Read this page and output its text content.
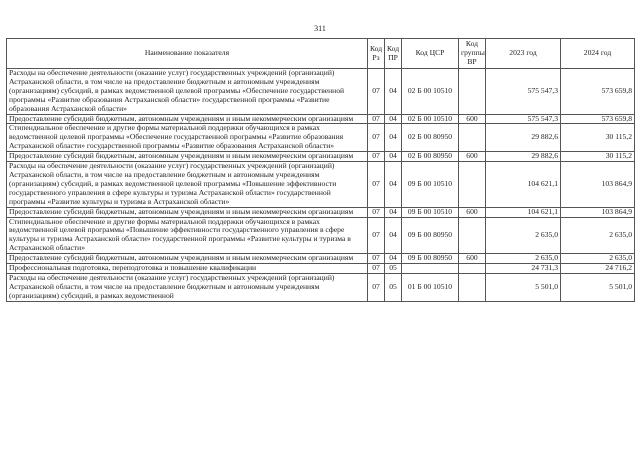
311
Наименование показателя	Код Рз	Код ПР	Код ЦСР	Код группы ВР	2023 год	2024 год
Расходы на обеспечение деятельности (оказание услуг) государственных учреждений (организаций) Астраханской области, в том числе на предоставление бюджетным и автономным учреждениям (организациям) субсидий, в рамках ведомственной целевой программы «Обеспечение государственной программы «Развитие образования Астраханской области» государственной программы «Развитие образования Астраханской области»	07	04	02 Б 00 10510		575 547,3	573 659,8
Предоставление субсидий бюджетным, автономным учреждениям и иным некоммерческим организациям	07	04	02 Б 00 10510	600	575 547,3	573 659,8
Стипендиальное обеспечение и другие формы материальной поддержки обучающихся в рамках ведомственной целевой программы «Обеспечение государственной программы «Развитие образования Астраханской области» государственной программы «Развитие образования Астраханской области»	07	04	02 Б 00 80950		29 882,6	30 115,2
Предоставление субсидий бюджетным, автономным учреждениям и иным некоммерческим организациям	07	04	02 Б 00 80950	600	29 882,6	30 115,2
Расходы на обеспечение деятельности (оказание услуг) государственных учреждений (организаций) Астраханской области, в том числе на предоставление бюджетным и автономным учреждениям (организациям) субсидий, в рамках ведомственной целевой программы «Повышение эффективности государственного управления в сфере культуры и туризма Астраханской области» государственной программы «Развитие культуры и туризма в Астраханской области»	07	04	09 Б 00 10510		104 621,1	103 864,9
Предоставление субсидий бюджетным, автономным учреждениям и иным некоммерческим организациям	07	04	09 Б 00 10510	600	104 621,1	103 864,9
Стипендиальное обеспечение и другие формы материальной поддержки обучающихся в рамках ведомственной целевой программы «Повышение эффективности государственного управления в сфере культуры и туризма Астраханской области» государственной программы «Развитие культуры и туризма в Астраханской области»	07	04	09 Б 00 80950		2 635,0	2 635,0
Предоставление субсидий бюджетным, автономным учреждениям и иным некоммерческим организациям	07	04	09 Б 00 80950	600	2 635,0	2 635,0
Профессиональная подготовка, переподготовка и повышение квалификации	07	05			24 731,3	24 716,2
Расходы на обеспечение деятельности (оказание услуг) государственных учреждений (организаций) Астраханской области, в том числе на предоставление бюджетным и автономным учреждениям (организациям) субсидий, в рамках ведомственной	07	05	01 Б 00 10510		5 501,0	5 501,0
